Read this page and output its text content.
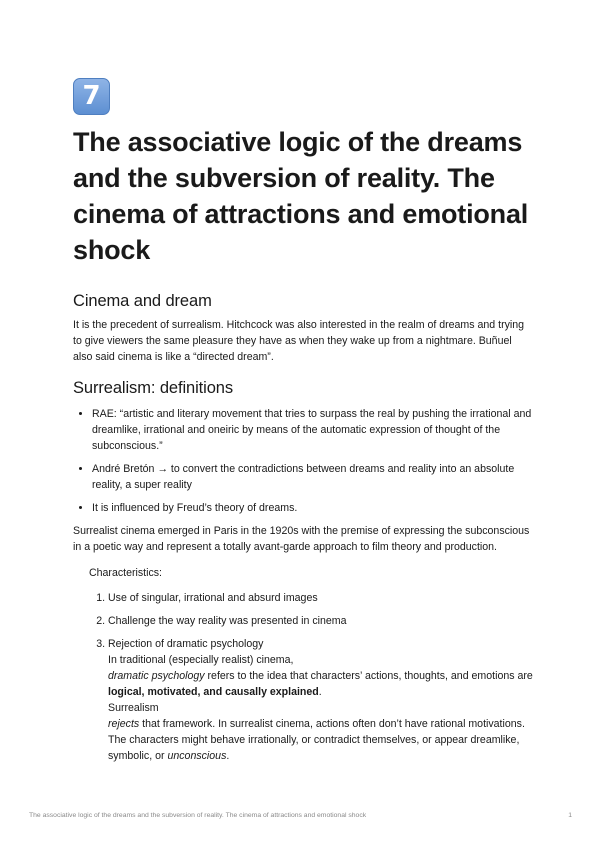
7
The associative logic of the dreams and the subversion of reality. The cinema of attractions and emotional shock
Cinema and dream

It is the precedent of surrealism. Hitchcock was also interested in the realm of dreams and trying to give viewers the same pleasure they have as when they wake up from a nightmare. Buñuel also said cinema is like a “directed dream”.

Surrealism: definitions
• RAE: “artistic and literary movement that tries to surpass the real by pushing the irrational and dreamlike, irrational and oneiric by means of the automatic expression of thought of the subconscious.”
• André Bretón → to convert the contradictions between dreams and reality into an absolute reality, a super reality
• It is influenced by Freud’s theory of dreams.

Surrealist cinema emerged in Paris in the 1920s with the premise of expressing the subconscious in a poetic way and represent a totally avant-garde approach to film theory and production.

Characteristics:

1. Use of singular, irrational and absurd images
2. Challenge the way reality was presented in cinema
3. Rejection of dramatic psychology
In traditional (especially realist) cinema,
dramatic psychology refers to the idea that characters’ actions, thoughts, and emotions are logical, motivated, and causally explained.
Surrealism
rejects that framework. In surrealist cinema, actions often don’t have rational motivations. The characters might behave irrationally, or contradict themselves, or appear dreamlike, symbolic, or unconscious.
The associative logic of the dreams and the subversion of reality. The cinema of attractions and emotional shock	1
